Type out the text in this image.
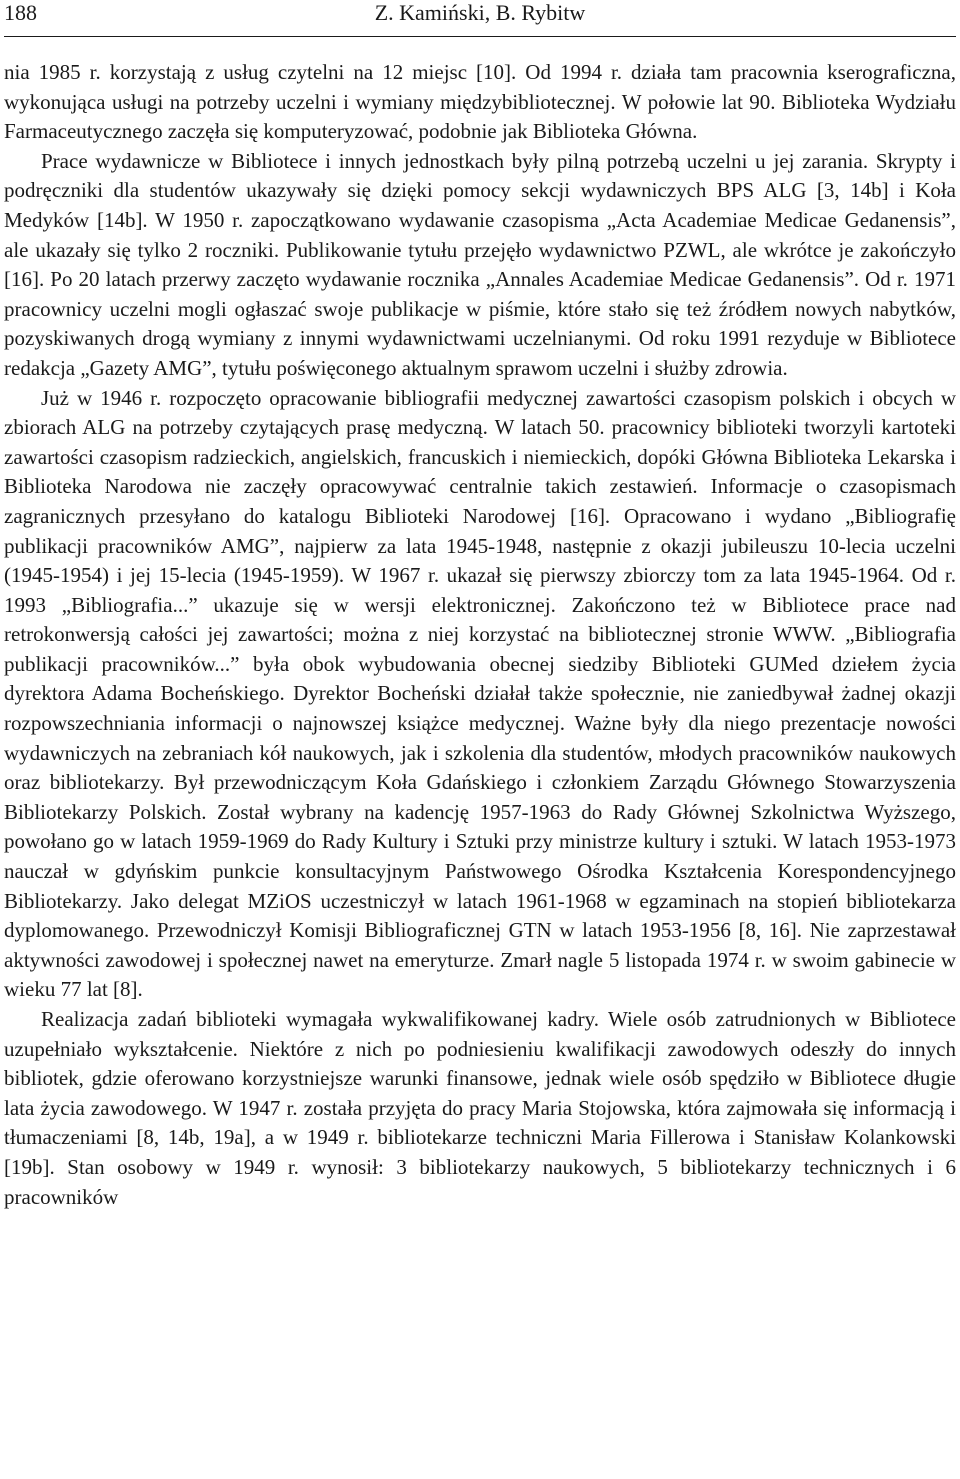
188	Z. Kamiński, B. Rybitw

nia 1985 r. korzystają z usług czytelni na 12 miejsc [10]. Od 1994 r. działa tam pracownia kserograficzna, wykonująca usługi na potrzeby uczelni i wymiany międzybibliotecznej. W połowie lat 90. Biblioteka Wydziału Farmaceutycznego zaczęła się komputeryzować, podobnie jak Biblioteka Główna.

Prace wydawnicze w Bibliotece i innych jednostkach były pilną potrzebą uczelni u jej zarania. Skrypty i podręczniki dla studentów ukazywały się dzięki pomocy sekcji wydawniczych BPS ALG [3, 14b] i Koła Medyków [14b]. W 1950 r. zapoczątkowano wydawanie czasopisma „Acta Academiae Medicae Gedanensis”, ale ukazały się tylko 2 roczniki. Publikowanie tytułu przejęło wydawnictwo PZWL, ale wkrótce je zakończyło [16]. Po 20 latach przerwy zaczęto wydawanie rocznika „Annales Academiae Medicae Gedanensis”. Od r. 1971 pracownicy uczelni mogli ogłaszać swoje publikacje w piśmie, które stało się też źródłem nowych nabytków, pozyskiwanych drogą wymiany z innymi wydawnictwami uczelnianymi. Od roku 1991 rezyduje w Bibliotece redakcja „Gazety AMG”, tytułu poświęconego aktualnym sprawom uczelni i służby zdrowia.

Już w 1946 r. rozpoczęto opracowanie bibliografii medycznej zawartości czasopism polskich i obcych w zbiorach ALG na potrzeby czytających prasę medyczną. W latach 50. pracownicy biblioteki tworzyli kartoteki zawartości czasopism radzieckich, angielskich, francuskich i niemieckich, dopóki Główna Biblioteka Lekarska i Biblioteka Narodowa nie zaczęły opracowywać centralnie takich zestawień. Informacje o czasopismach zagranicznych przesyłano do katalogu Biblioteki Narodowej [16]. Opracowano i wydano „Bibliografię publikacji pracowników AMG”, najpierw za lata 1945-1948, następnie z okazji jubileuszu 10-lecia uczelni (1945-1954) i jej 15-lecia (1945-1959). W 1967 r. ukazał się pierwszy zbiorczy tom za lata 1945-1964. Od r. 1993 „Bibliografia...” ukazuje się w wersji elektronicznej. Zakończono też w Bibliotece prace nad retrokonwersją całości jej zawartości; można z niej korzystać na bibliotecznej stronie WWW. „Bibliografia publikacji pracowników...” była obok wybudowania obecnej siedziby Biblioteki GUMed dziełem życia dyrektora Adama Bocheńskiego. Dyrektor Bocheński działał także społecznie, nie zaniedbywał żadnej okazji rozpowszechniania informacji o najnowszej książce medycznej. Ważne były dla niego prezentacje nowości wydawniczych na zebraniach kół naukowych, jak i szkolenia dla studentów, młodych pracowników naukowych oraz bibliotekarzy. Był przewodniczącym Koła Gdańskiego i członkiem Zarządu Głównego Stowarzyszenia Bibliotekarzy Polskich. Został wybrany na kadencję 1957-1963 do Rady Głównej Szkolnictwa Wyższego, powołano go w latach 1959-1969 do Rady Kultury i Sztuki przy ministrze kultury i sztuki. W latach 1953-1973 nauczał w gdyńskim punkcie konsultacyjnym Państwowego Ośrodka Kształcenia Korespondencyjnego Bibliotekarzy. Jako delegat MZiOS uczestniczył w latach 1961-1968 w egzaminach na stopień bibliotekarza dyplomowanego. Przewodniczył Komisji Bibliograficznej GTN w latach 1953-1956 [8, 16]. Nie zaprzestawał aktywności zawodowej i społecznej nawet na emeryturze. Zmarł nagle 5 listopada 1974 r. w swoim gabinecie w wieku 77 lat [8].

Realizacja zadań biblioteki wymagała wykwalifikowanej kadry. Wiele osób zatrudnionych w Bibliotece uzupełniało wykształcenie. Niektóre z nich po podniesieniu kwalifikacji zawodowych odeszły do innych bibliotek, gdzie oferowano korzystniejsze warunki finansowe, jednak wiele osób spędziło w Bibliotece długie lata życia zawodowego. W 1947 r. została przyjęta do pracy Maria Stojowska, która zajmowała się informacją i tłumaczeniami [8, 14b, 19a], a w 1949 r. bibliotekarze techniczni Maria Fillerowa i Stanisław Kolankowski [19b]. Stan osobowy w 1949 r. wynosił: 3 bibliotekarzy naukowych, 5 bibliotekarzy technicznych i 6 pracowników
